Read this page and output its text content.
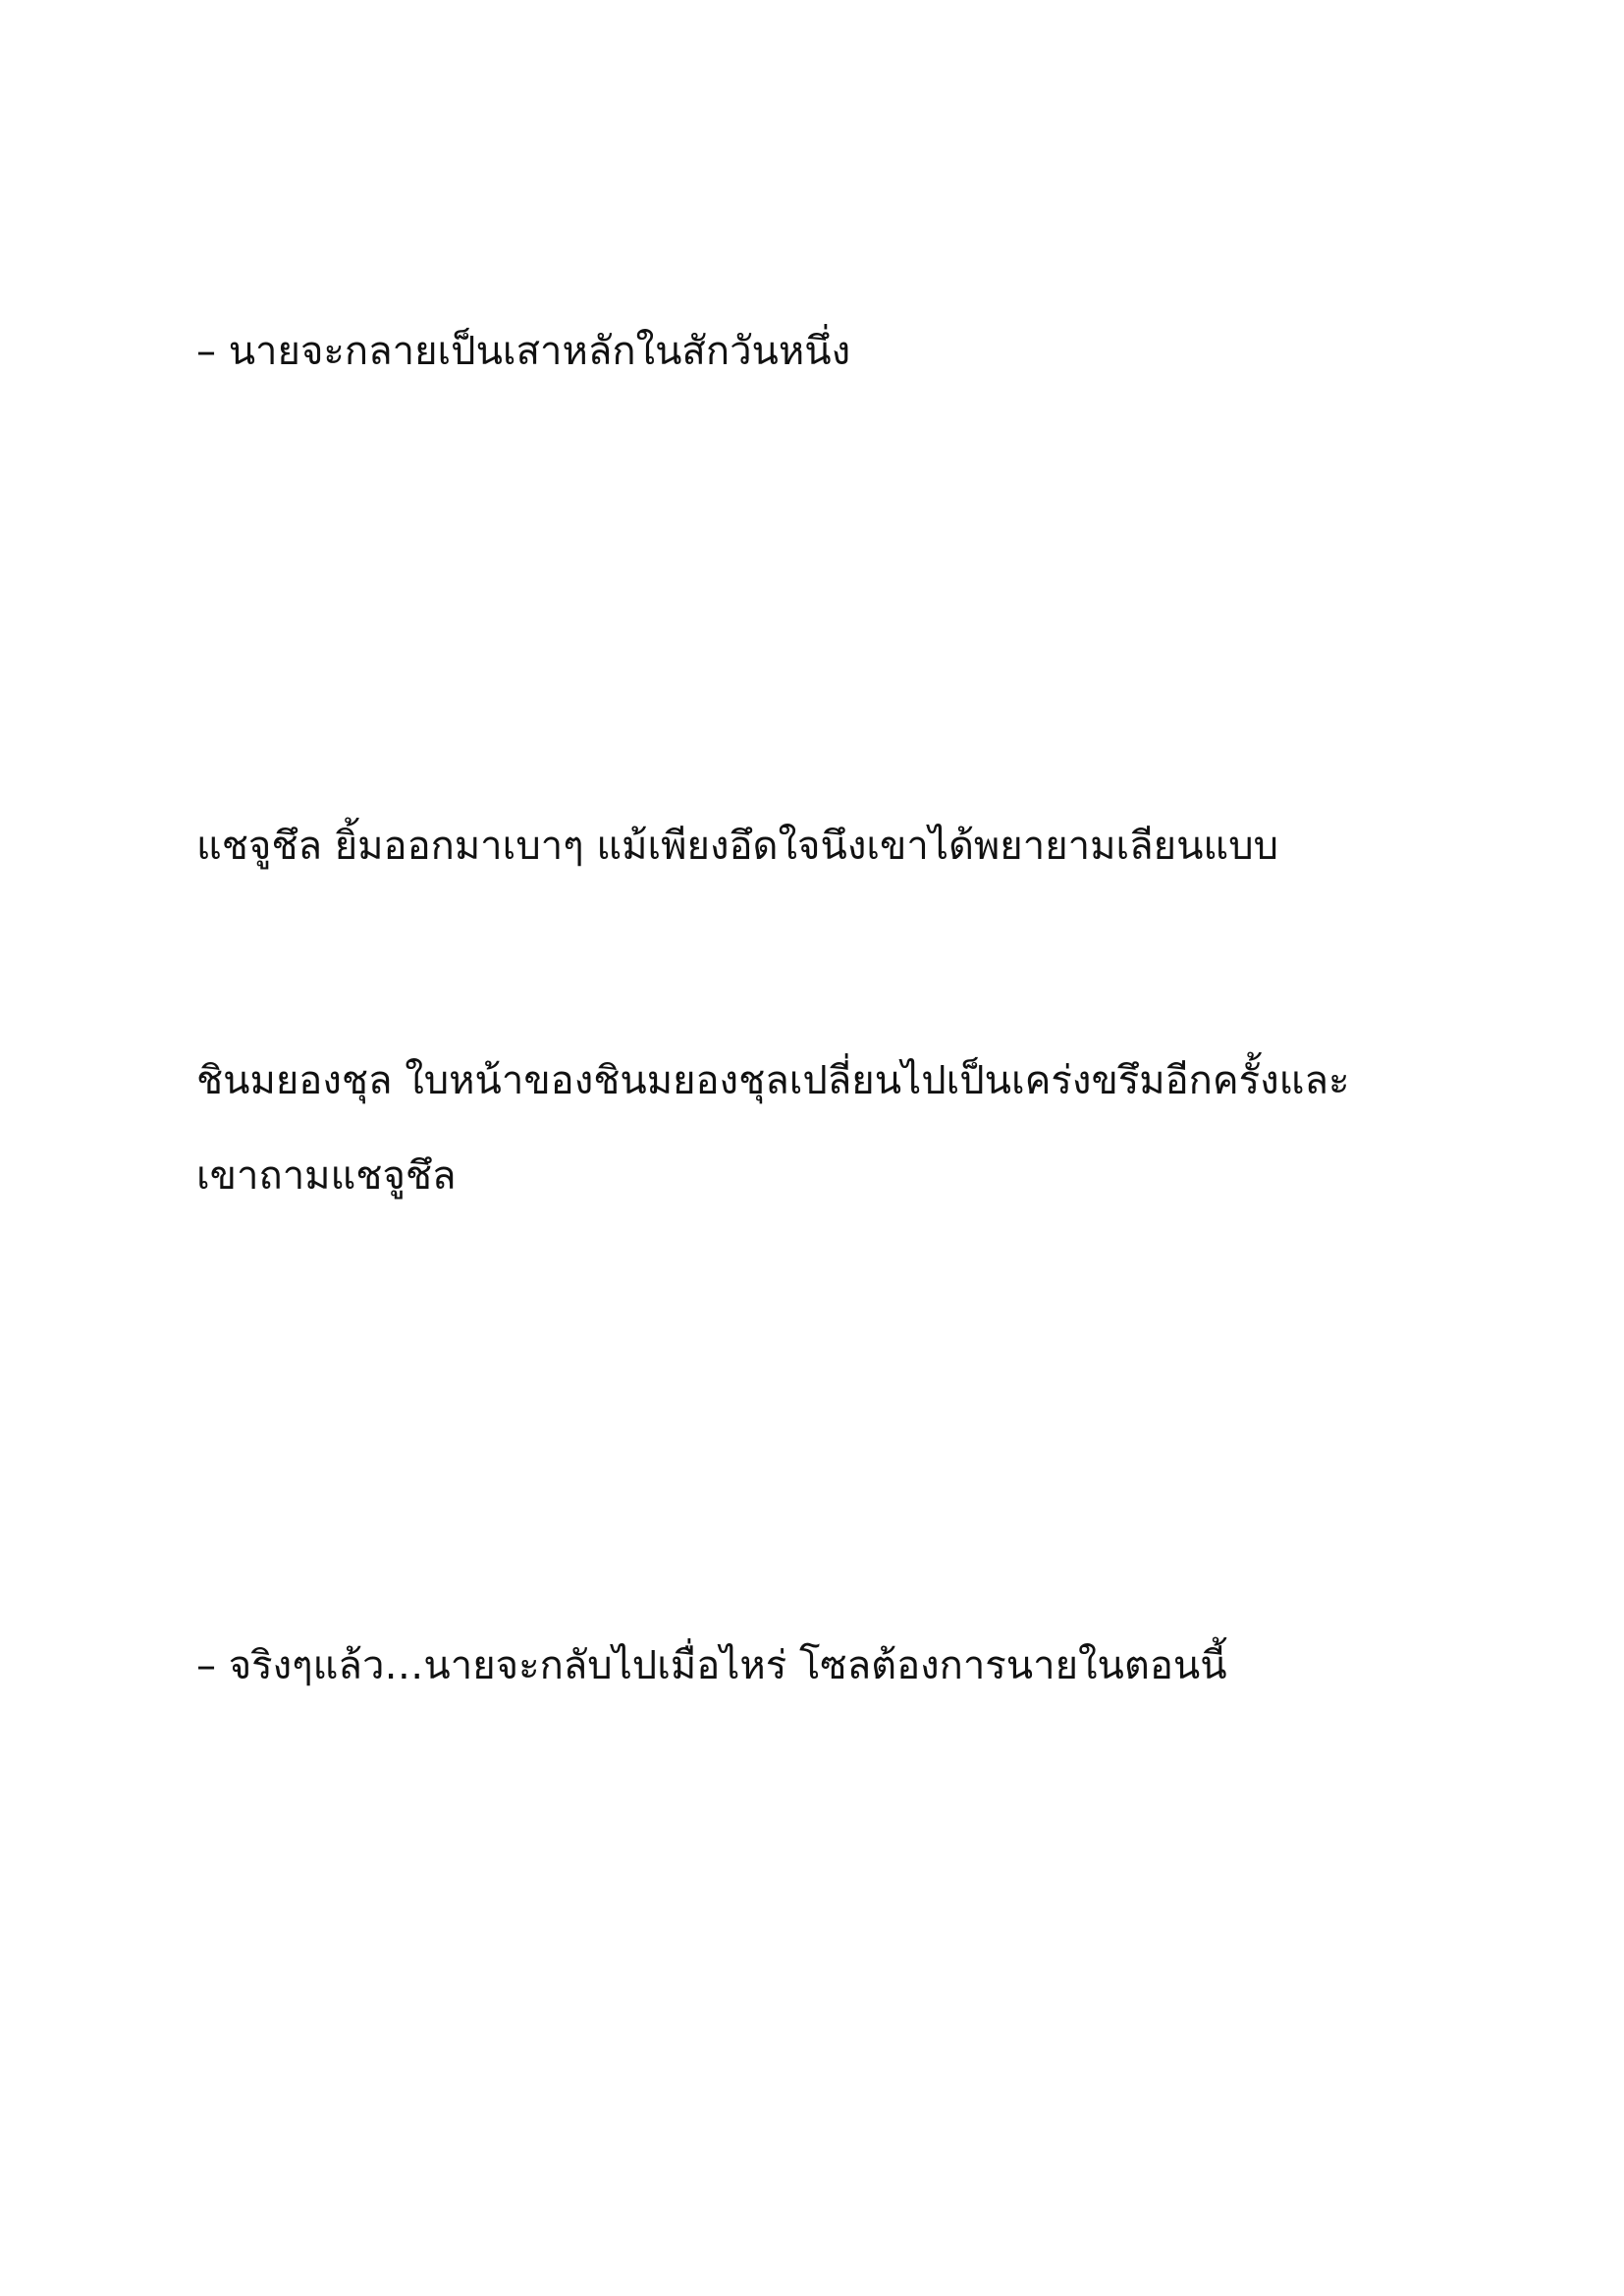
– นายจะกลายเป็นเสาหลักในสักวันหนึ่ง

แชจูชึล ยิ้มออกมาเบาๆ แม้เพียงอึดใจนึงเขาได้พยายามเลียนแบบ

ชินมยองชุล ใบหน้าของชินมยองชุลเปลี่ยนไปเป็นเคร่งขรึมอีกครั้งและ

เขาถามแชจูชึล

– จริงๆแล้ว…นายจะกลับไปเมื่อไหร่ โซลต้องการนายในตอนนี้
